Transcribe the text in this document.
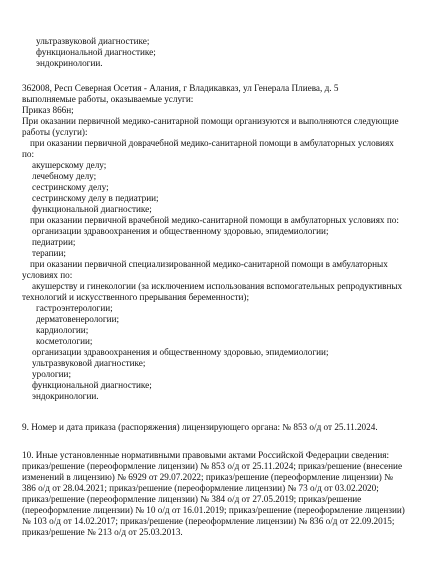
ультразвуковой диагностике;
функциональной диагностике;
эндокринологии.
362008, Респ Северная Осетия - Алания, г Владикавказ, ул Генерала Плиева, д. 5
выполняемые работы, оказываемые услуги:
Приказ 866н;
При оказании первичной медико-санитарной помощи организуются и выполняются следующие
работы (услуги):
при оказании первичной доврачебной медико-санитарной помощи в амбулаторных условиях
по:
акушерскому делу;
лечебному делу;
сестринскому делу;
сестринскому делу в педиатрии;
функциональной диагностике;
при оказании первичной врачебной медико-санитарной помощи в амбулаторных условиях по:
организации здравоохранения и общественному здоровью, эпидемиологии;
педиатрии;
терапии;
при оказании первичной специализированной медико-санитарной помощи в амбулаторных
условиях по:
акушерству и гинекологии (за исключением использования вспомогательных репродуктивных
технологий и искусственного прерывания беременности);
гастроэнтерологии;
дерматовенерологии;
кардиологии;
косметологии;
организации здравоохранения и общественному здоровью, эпидемиологии;
ультразвуковой диагностике;
урологии;
функциональной диагностике;
эндокринологии.
9. Номер и дата приказа (распоряжения) лицензирующего органа: № 853 о/д от 25.11.2024.
10. Иные установленные нормативными правовыми актами Российской Федерации сведения:
приказ/решение (переоформление лицензии) № 853 о/д от 25.11.2024; приказ/решение (внесение
изменений в лицензию) № 6929 от 29.07.2022; приказ/решение (переоформление лицензии) №
386 о/д от 28.04.2021; приказ/решение (переоформление лицензии) № 73 о/д от 03.02.2020;
приказ/решение (переоформление лицензии) № 384 о/д от 27.05.2019; приказ/решение
(переоформление лицензии) № 10 о/д от 16.01.2019; приказ/решение (переоформление лицензии)
№ 103 о/д от 14.02.2017; приказ/решение (переоформление лицензии) № 836 о/д от 22.09.2015;
приказ/решение № 213 о/д от 25.03.2013.
